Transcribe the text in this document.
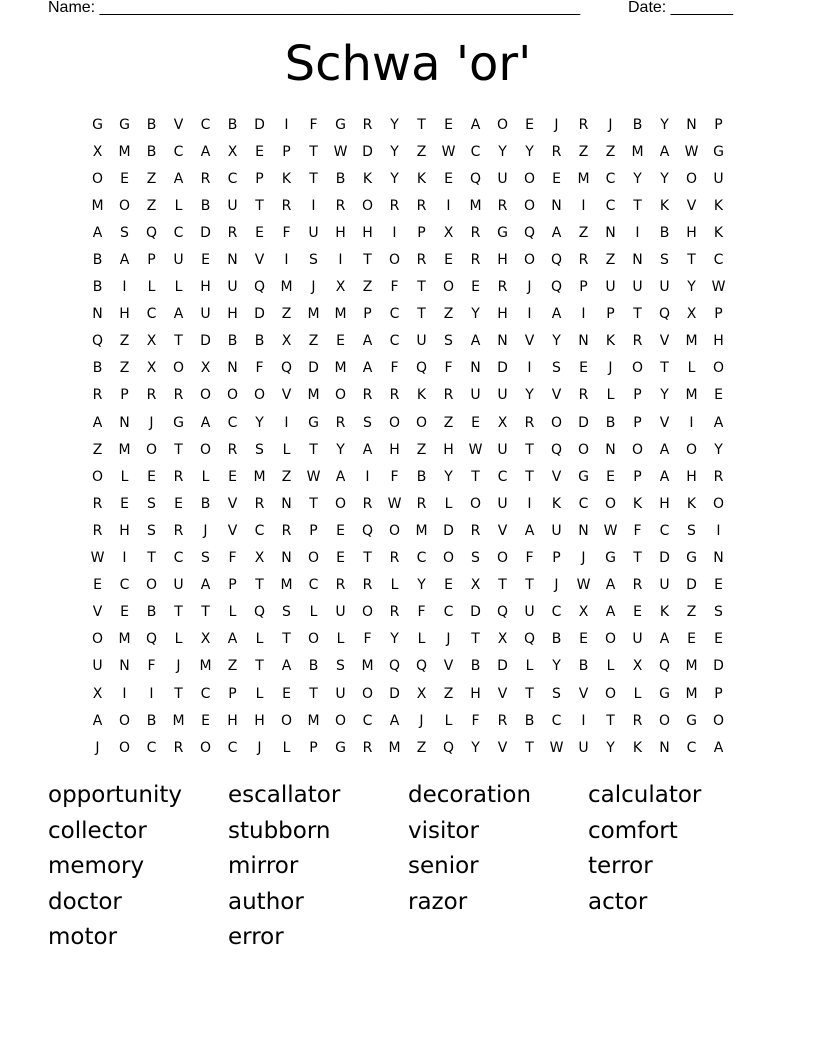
Name: ______________________________________________________	Date: _______
Schwa 'or'
G	G	B	V	C	B	D	I	F	G	R	Y	T	E	A	O	E	J	R	J	B	Y	N	P
X	M	B	C	A	X	E	P	T	W	D	Y	Z	W	C	Y	Y	R	Z	Z	M	A	W	G
O	E	Z	A	R	C	P	K	T	B	K	Y	K	E	Q	U	O	E	M	C	Y	Y	O	U
M	O	Z	L	B	U	T	R	I	R	O	R	R	I	M	R	O	N	I	C	T	K	V	K
A	S	Q	C	D	R	E	F	U	H	H	I	P	X	R	G	Q	A	Z	N	I	B	H	K
B	A	P	U	E	N	V	I	S	I	T	O	R	E	R	H	O	Q	R	Z	N	S	T	C
B	I	L	L	H	U	Q	M	J	X	Z	F	T	O	E	R	J	Q	P	U	U	U	Y	W
N	H	C	A	U	H	D	Z	M	M	P	C	T	Z	Y	H	I	A	I	P	T	Q	X	P
Q	Z	X	T	D	B	B	X	Z	E	A	C	U	S	A	N	V	Y	N	K	R	V	M	H
B	Z	X	O	X	N	F	Q	D	M	A	F	Q	F	N	D	I	S	E	J	O	T	L	O
R	P	R	R	O	O	O	V	M	O	R	R	K	R	U	U	Y	V	R	L	P	Y	M	E
A	N	J	G	A	C	Y	I	G	R	S	O	O	Z	E	X	R	O	D	B	P	V	I	A
Z	M	O	T	O	R	S	L	T	Y	A	H	Z	H	W	U	T	Q	O	N	O	A	O	Y
O	L	E	R	L	E	M	Z	W	A	I	F	B	Y	T	C	T	V	G	E	P	A	H	R
R	E	S	E	B	V	R	N	T	O	R	W	R	L	O	U	I	K	C	O	K	H	K	O
R	H	S	R	J	V	C	R	P	E	Q	O	M	D	R	V	A	U	N	W	F	C	S	I
W	I	T	C	S	F	X	N	O	E	T	R	C	O	S	O	F	P	J	G	T	D	G	N
E	C	O	U	A	P	T	M	C	R	R	L	Y	E	X	T	T	J	W	A	R	U	D	E
V	E	B	T	T	L	Q	S	L	U	O	R	F	C	D	Q	U	C	X	A	E	K	Z	S
O	M	Q	L	X	A	L	T	O	L	F	Y	L	J	T	X	Q	B	E	O	U	A	E	E
U	N	F	J	M	Z	T	A	B	S	M	Q	Q	V	B	D	L	Y	B	L	X	Q	M	D
X	I	I	T	C	P	L	E	T	U	O	D	X	Z	H	V	T	S	V	O	L	G	M	P
A	O	B	M	E	H	H	O	M	O	C	A	J	L	F	R	B	C	I	T	R	O	G	O
J	O	C	R	O	C	J	L	P	G	R	M	Z	Q	Y	V	T	W	U	Y	K	N	C	A
opportunity	escallator	decoration	calculator
collector	stubborn	visitor	comfort
memory	mirror	senior	terror
doctor	author	razor	actor
motor	error
